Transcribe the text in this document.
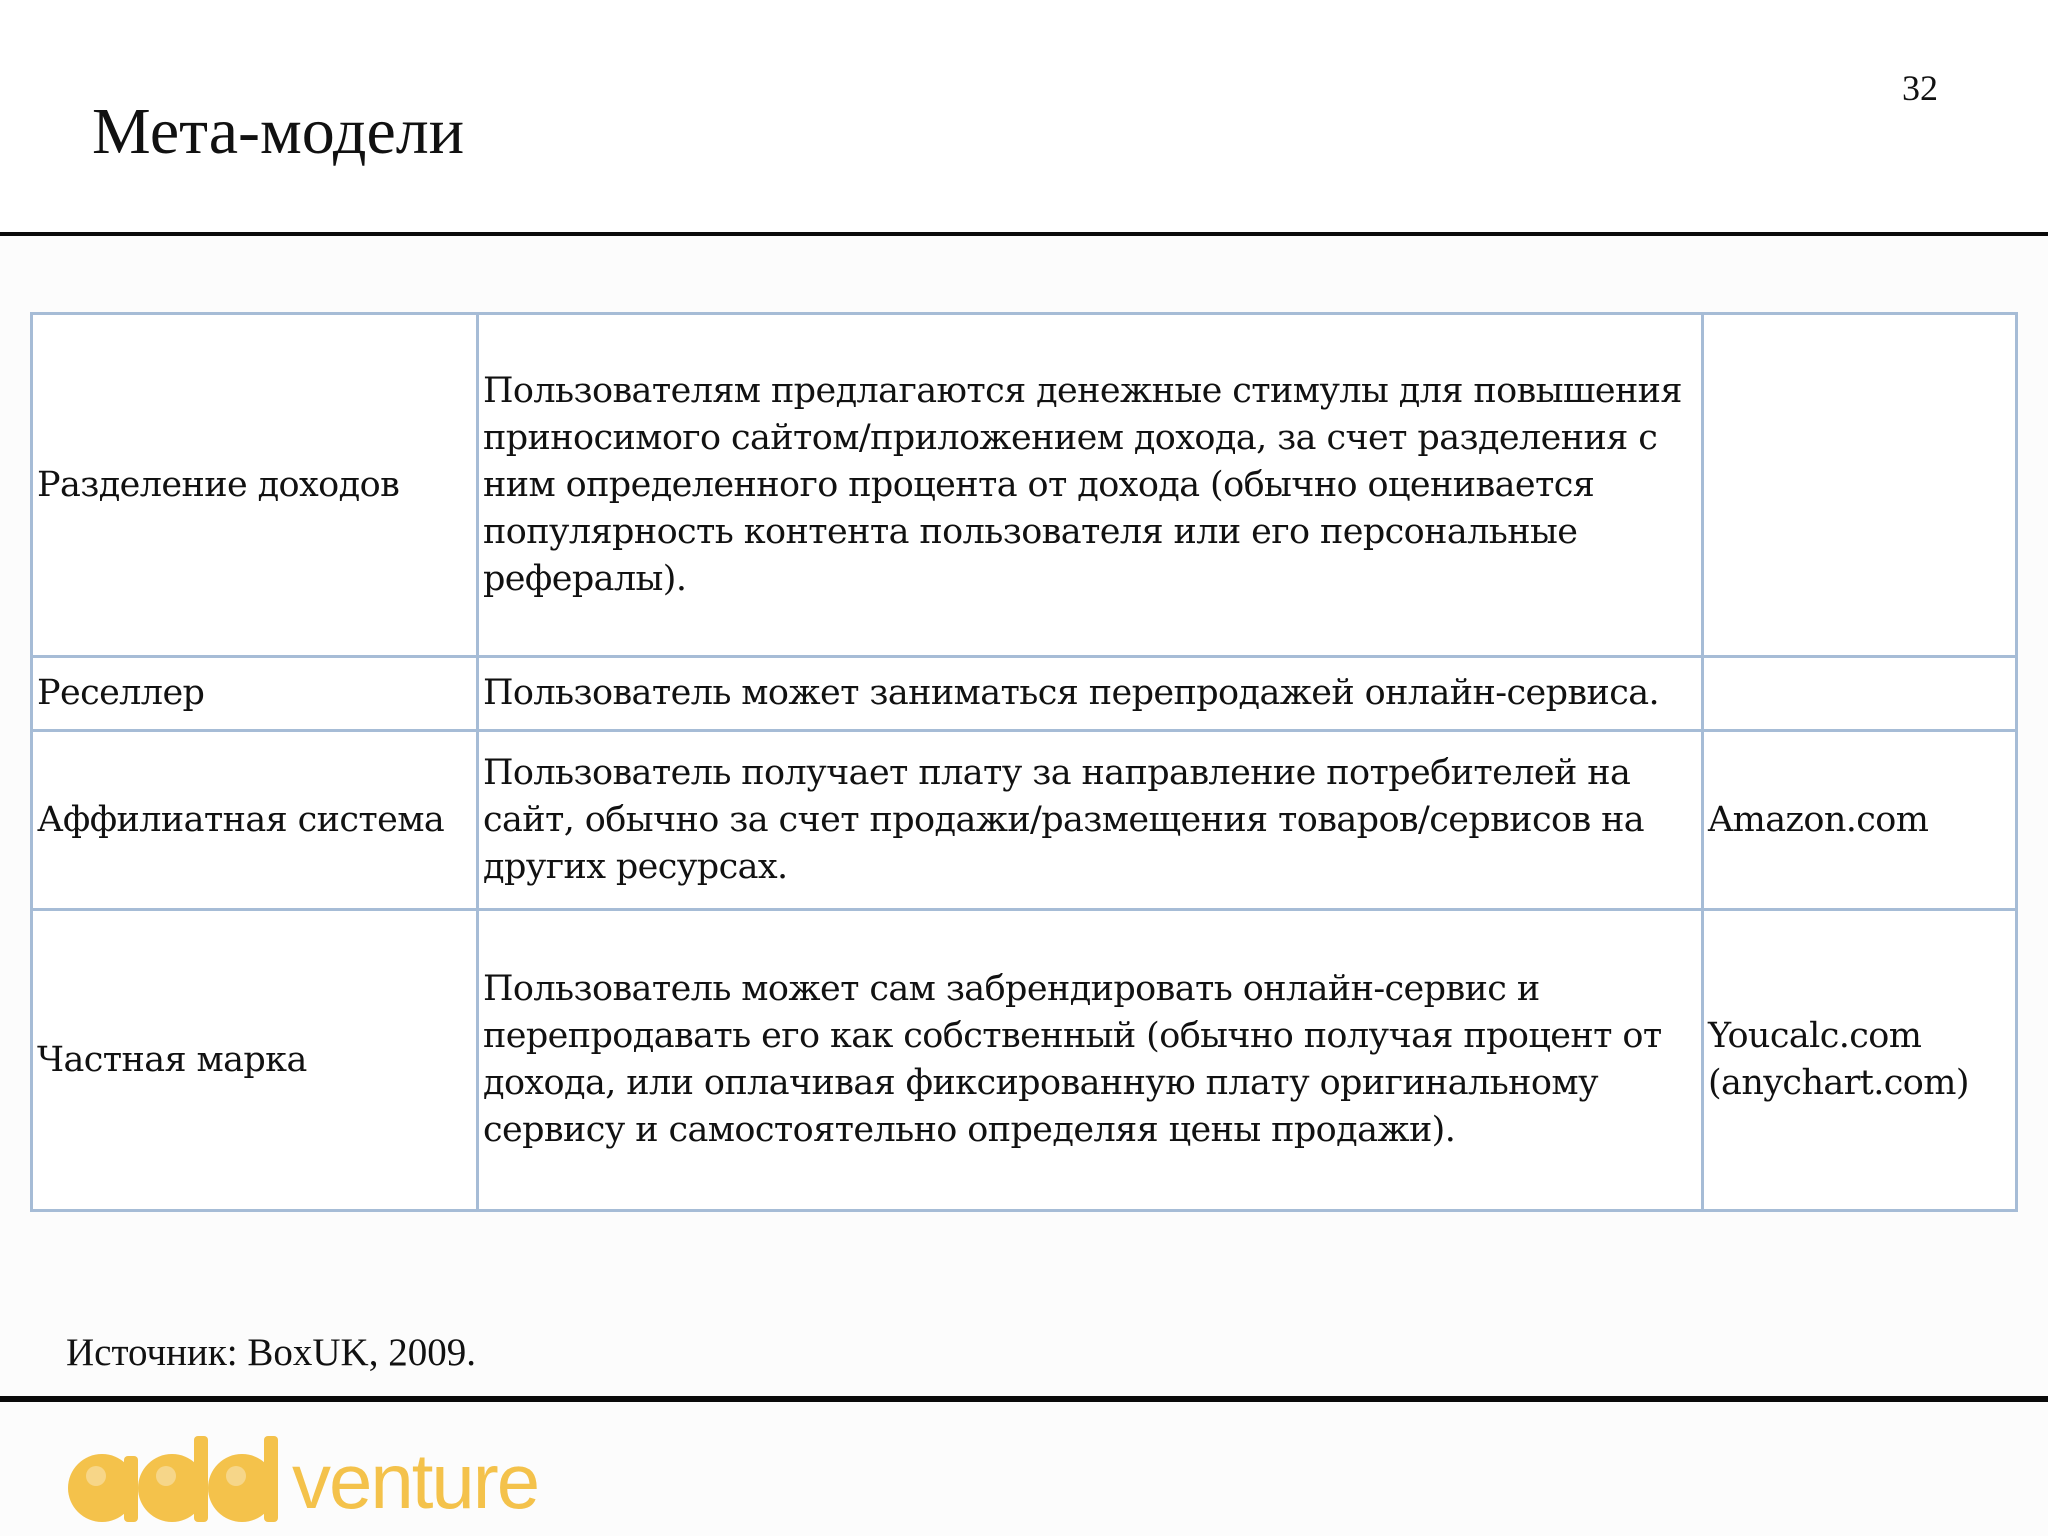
Мета-модели
32
Разделение доходов	Пользователям предлагаются денежные стимулы для повышения приносимого сайтом/приложением дохода, за счет разделения с ним определенного процента от дохода (обычно оценивается популярность контента пользователя или его персональные рефералы).	
Реселлер	Пользователь может заниматься перепродажей онлайн-сервиса.	
Аффилиатная система	Пользователь получает плату за направление потребителей на сайт, обычно за счет продажи/размещения товаров/сервисов на других ресурсах.	Amazon.com
Частная марка	Пользователь может сам забрендировать онлайн-сервис и перепродавать его как собственный (обычно получая процент от дохода, или оплачивая фиксированную плату оригинальному сервису и самостоятельно определяя цены продажи).	Youcalc.com (anychart.com)
Источник: BoxUK, 2009.
venture
